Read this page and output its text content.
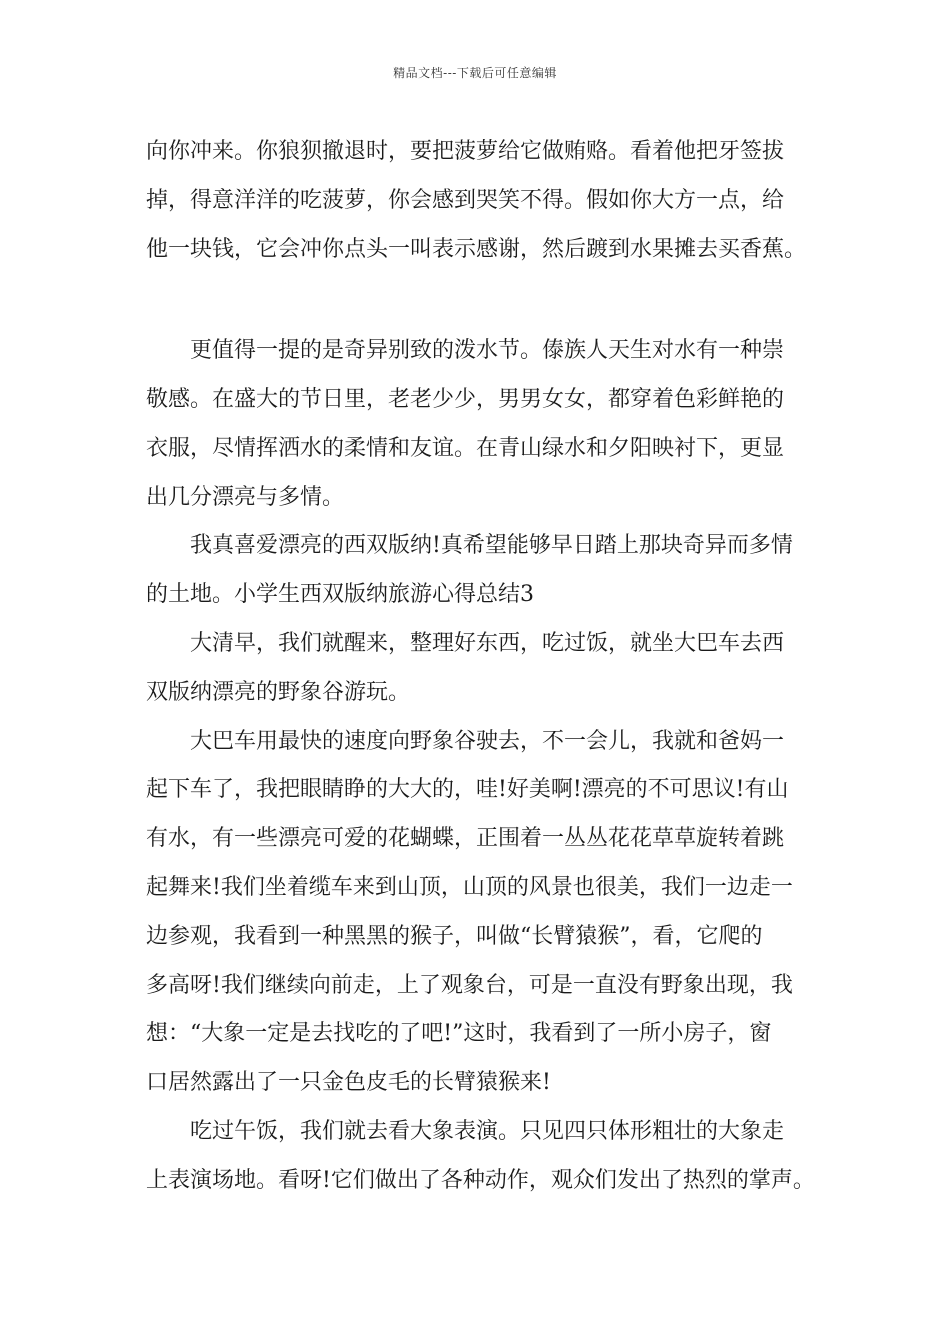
精品文档---下载后可任意编辑
向你冲来。你狼狈撤退时，要把菠萝给它做贿赂。看着他把牙签拔
掉，得意洋洋的吃菠萝，你会感到哭笑不得。假如你大方一点，给
他一块钱，它会冲你点头一叫表示感谢，然后踱到水果摊去买香蕉。
　　更值得一提的是奇异别致的泼水节。傣族人天生对水有一种崇
敬感。在盛大的节日里，老老少少，男男女女，都穿着色彩鲜艳的
衣服，尽情挥洒水的柔情和友谊。在青山绿水和夕阳映衬下，更显
出几分漂亮与多情。
　　我真喜爱漂亮的西双版纳!真希望能够早日踏上那块奇异而多情
的土地。小学生西双版纳旅游心得总结3
　　大清早，我们就醒来，整理好东西，吃过饭，就坐大巴车去西
双版纳漂亮的野象谷游玩。
　　大巴车用最快的速度向野象谷驶去，不一会儿，我就和爸妈一
起下车了，我把眼睛睁的大大的，哇!好美啊!漂亮的不可思议!有山
有水，有一些漂亮可爱的花蝴蝶，正围着一丛丛花花草草旋转着跳
起舞来!我们坐着缆车来到山顶，山顶的风景也很美，我们一边走一
边参观，我看到一种黑黑的猴子，叫做“长臂猿猴”，看，它爬的
多高呀!我们继续向前走，上了观象台，可是一直没有野象出现，我
想：“大象一定是去找吃的了吧!”这时，我看到了一所小房子，窗
口居然露出了一只金色皮毛的长臂猿猴来!
　　吃过午饭，我们就去看大象表演。只见四只体形粗壮的大象走
上表演场地。看呀!它们做出了各种动作，观众们发出了热烈的掌声。
